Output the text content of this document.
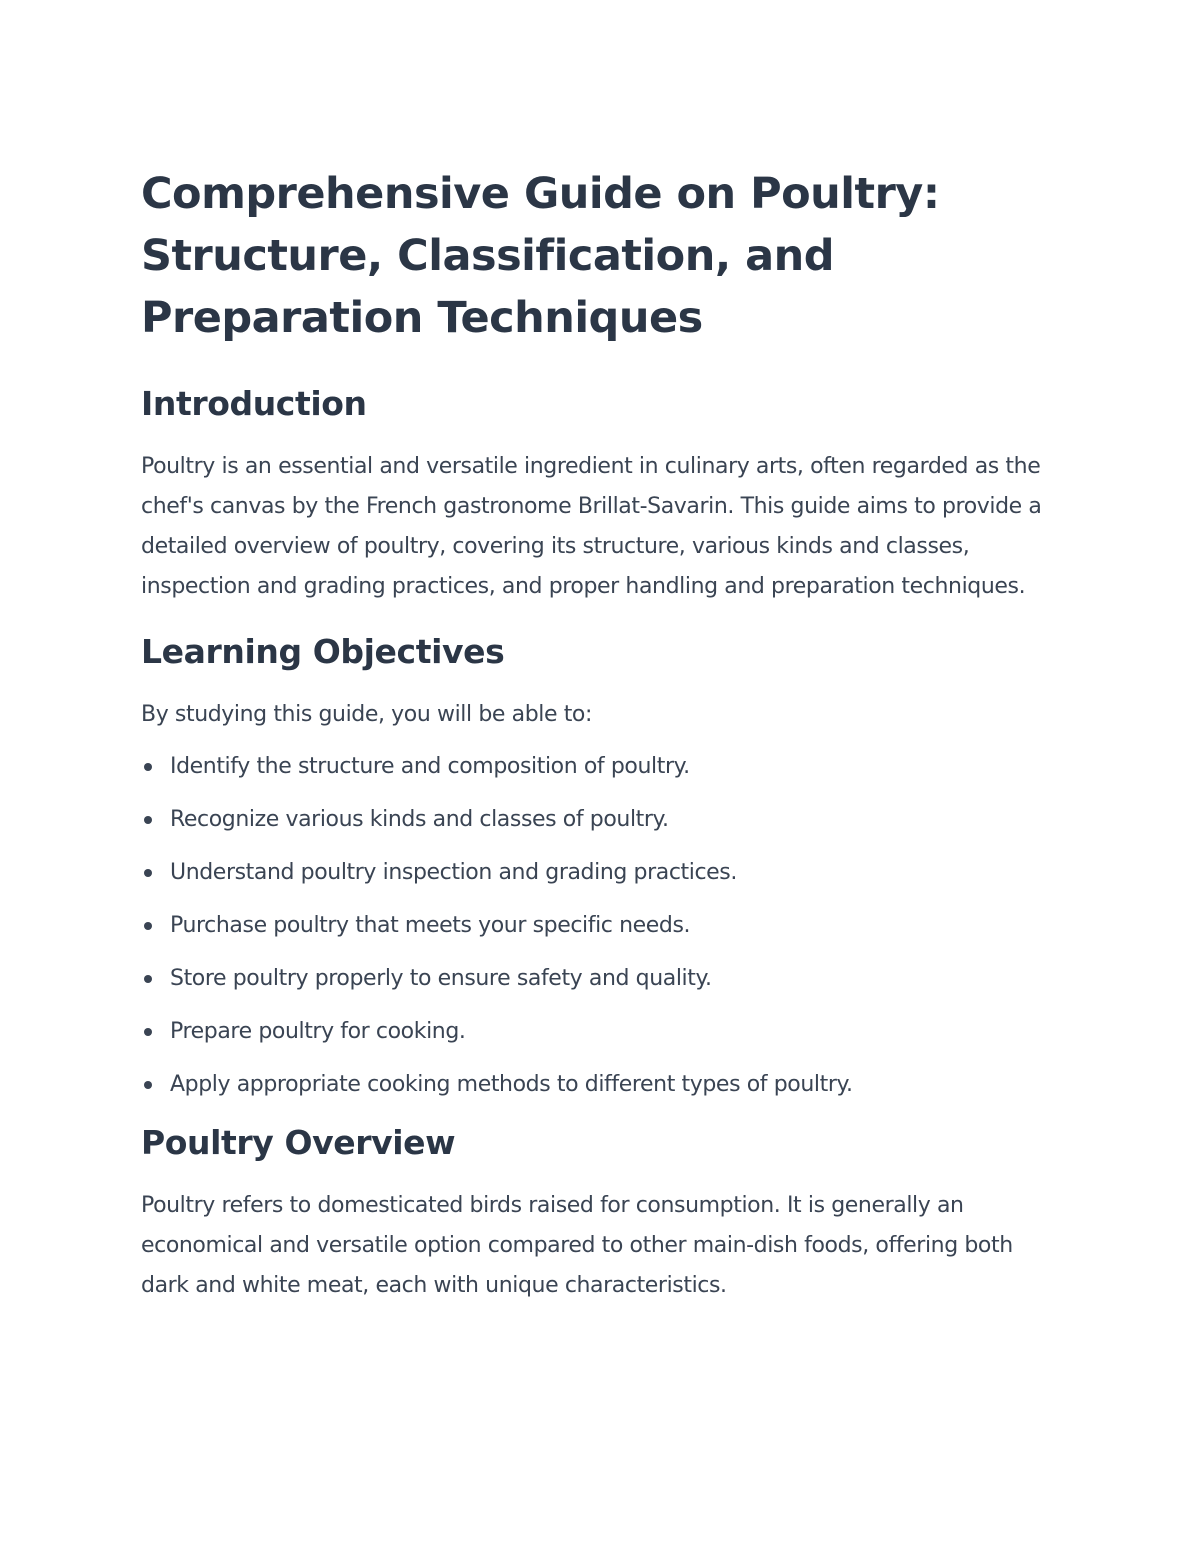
Comprehensive Guide on Poultry:
Structure, Classification, and
Preparation Techniques
Introduction

Poultry is an essential and versatile ingredient in culinary arts, often regarded as the chef's canvas by the French gastronome Brillat-Savarin. This guide aims to provide a detailed overview of poultry, covering its structure, various kinds and classes, inspection and grading practices, and proper handling and preparation techniques.

Learning Objectives

By studying this guide, you will be able to:

Identify the structure and composition of poultry.
Recognize various kinds and classes of poultry.
Understand poultry inspection and grading practices.
Purchase poultry that meets your specific needs.
Store poultry properly to ensure safety and quality.
Prepare poultry for cooking.
Apply appropriate cooking methods to different types of poultry.
Poultry Overview

Poultry refers to domesticated birds raised for consumption. It is generally an economical and versatile option compared to other main-dish foods, offering both dark and white meat, each with unique characteristics.
